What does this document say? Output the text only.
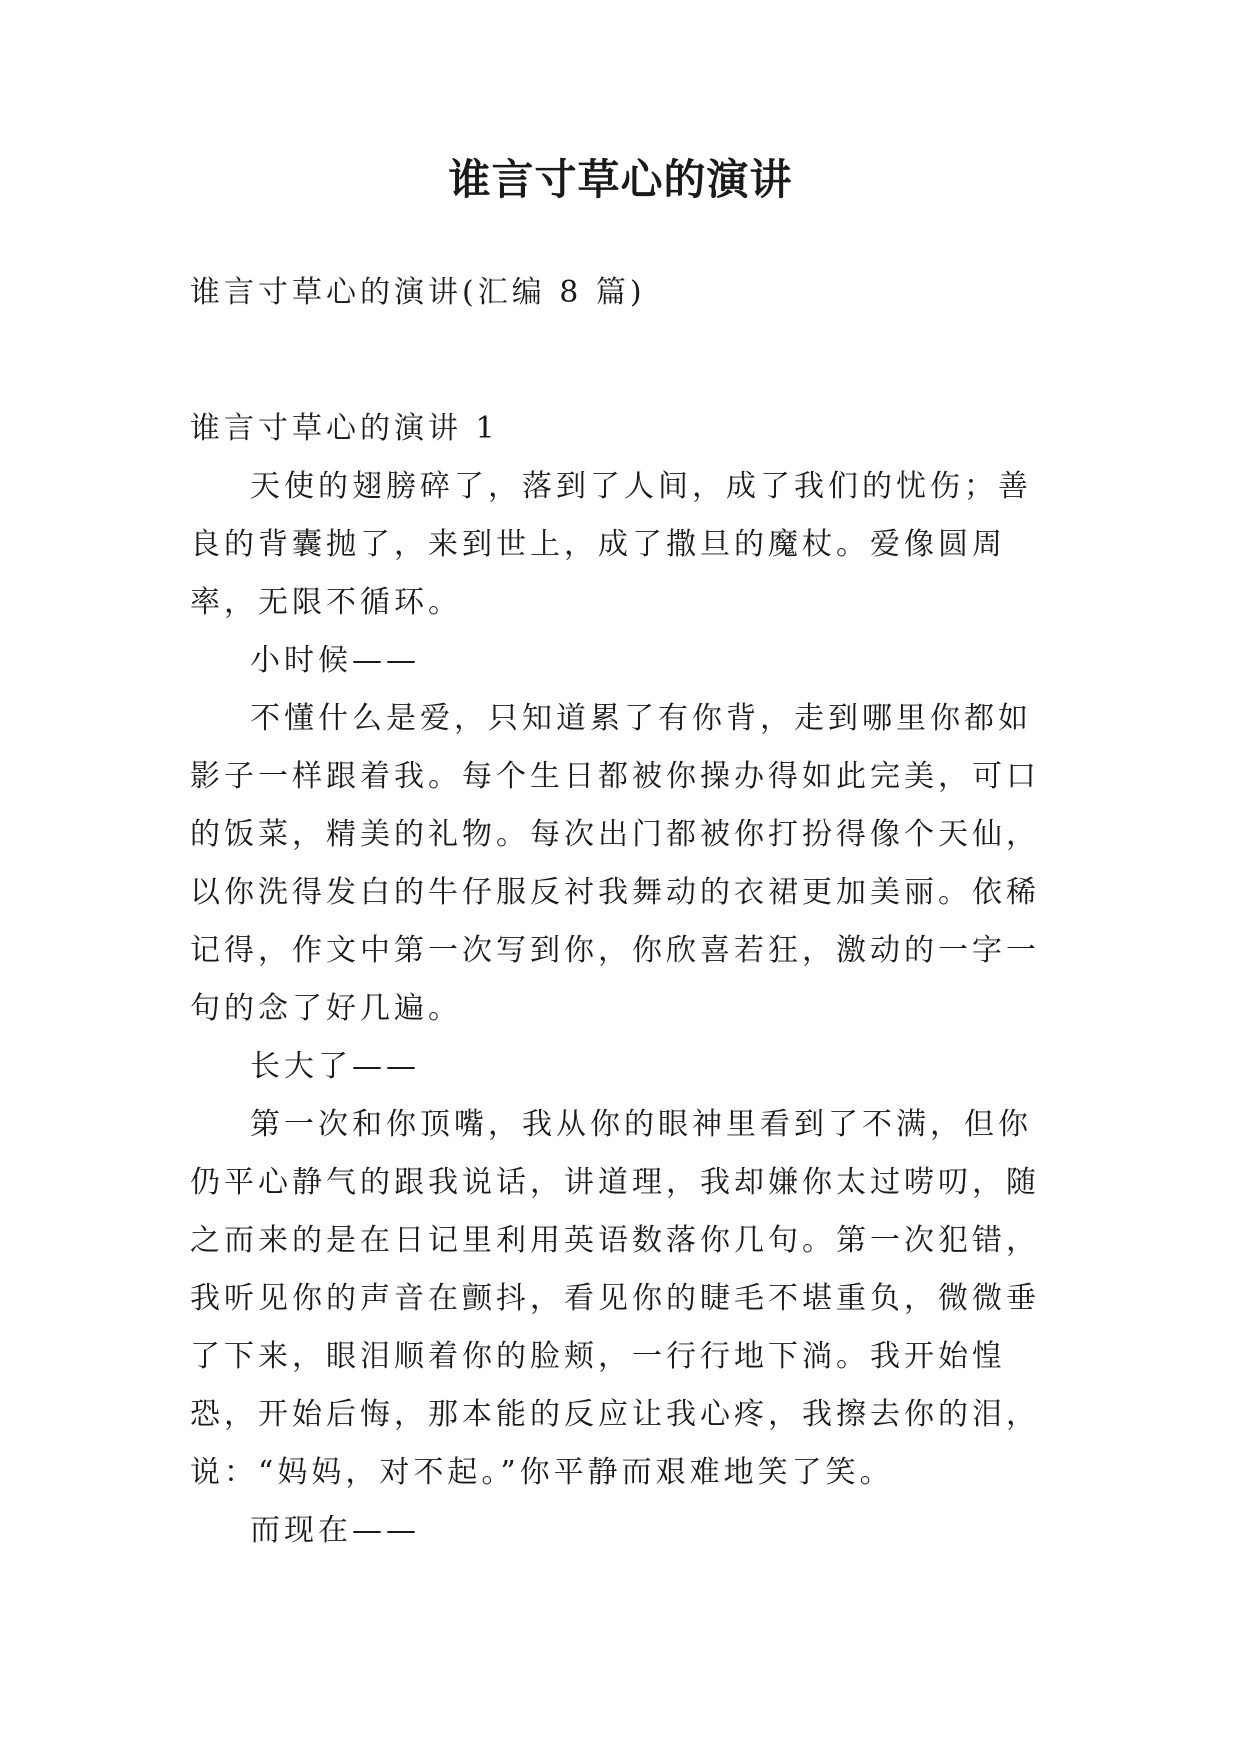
谁言寸草心的演讲
谁言寸草心的演讲(汇编 8 篇)

谁言寸草心的演讲 1

天使的翅膀碎了，落到了人间，成了我们的忧伤；善良的背囊抛了，来到世上，成了撒旦的魔杖。爱像圆周率，无限不循环。

小时候——

不懂什么是爱，只知道累了有你背，走到哪里你都如影子一样跟着我。每个生日都被你操办得如此完美，可口的饭菜，精美的礼物。每次出门都被你打扮得像个天仙，以你洗得发白的牛仔服反衬我舞动的衣裙更加美丽。依稀记得，作文中第一次写到你，你欣喜若狂，激动的一字一句的念了好几遍。

长大了——

第一次和你顶嘴，我从你的眼神里看到了不满，但你仍平心静气的跟我说话，讲道理，我却嫌你太过唠叨，随之而来的是在日记里利用英语数落你几句。第一次犯错，我听见你的声音在颤抖，看见你的睫毛不堪重负，微微垂了下来，眼泪顺着你的脸颊，一行行地下淌。我开始惶恐，开始后悔，那本能的反应让我心疼，我擦去你的泪，说：“妈妈，对不起。”你平静而艰难地笑了笑。

而现在——
